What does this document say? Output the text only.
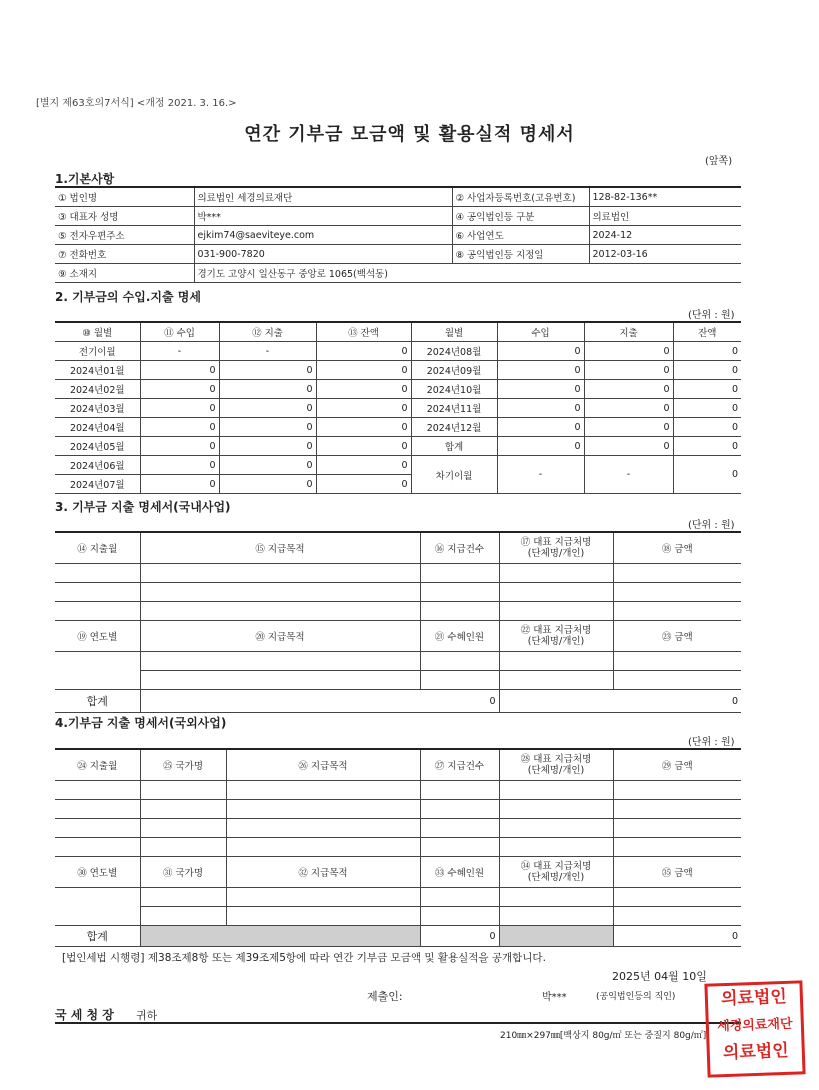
[별지 제63호의7서식] <개정 2021. 3. 16.>
연간 기부금 모금액 및 활용실적 명세서
(앞쪽)
1.기본사항
① 법인명	의료법인 세경의료재단	② 사업자등록번호(고유번호)	128-82-136**
③ 대표자 성명	박***	④ 공익법인등 구분	의료법인
⑤ 전자우편주소	ejkim74@saeviteye.com	⑥ 사업연도	2024-12
⑦ 전화번호	031-900-7820	⑧ 공익법인등 지정일	2012-03-16
⑨ 소재지	경기도 고양시 일산동구 중앙로 1065(백석동)		
2. 기부금의 수입.지출 명세
(단위 : 원)
⑩ 월별	⑪ 수입	⑫ 지출	⑬ 잔액	월별	수입	지출	잔액
전기이월	-	-	0	2024년08월	0	0	0
2024년01월	0	0	0	2024년09월	0	0	0
2024년02월	0	0	0	2024년10월	0	0	0
2024년03월	0	0	0	2024년11월	0	0	0
2024년04월	0	0	0	2024년12월	0	0	0
2024년05월	0	0	0	합계	0	0	0
2024년06월	0	0	0	차기이월	-	-	0
2024년07월	0	0	0				
3. 기부금 지출 명세서(국내사업)
(단위 : 원)
⑭ 지출월	⑮ 지급목적	⑯ 지급건수	⑰ 대표 지급처명
(단체명/개인)	⑱ 금액

⑲ 연도별	⑳ 지급목적	㉑ 수혜인원	㉒ 대표 지급처명
(단체명/개인)	㉓ 금액

합계	0		0	
4.기부금 지출 명세서(국외사업)
(단위 : 원)
㉔ 지출월	㉕ 국가명	㉖ 지급목적	㉗ 지급건수	㉘ 대표 지급처명
(단체명/개인)	㉙ 금액

㉚ 연도별	㉛ 국가명	㉜ 지급목적	㉝ 수혜인원	㉞ 대표 지급처명
(단체명/개인)	㉟ 금액

합계			0		0
[법인세법 시행령] 제38조제8항 또는 제39조제5항에 따라 연간 기부금 모금액 및 활용실적을 공개합니다.
2025년 04월 10일
제출인:	박***	(공익법인등의 직인)
국 세 청 장 귀하
210㎜×297㎜[백상지 80g/㎡ 또는 중질지 80g/㎡]
의료법인
세경의료재단
의료법인
